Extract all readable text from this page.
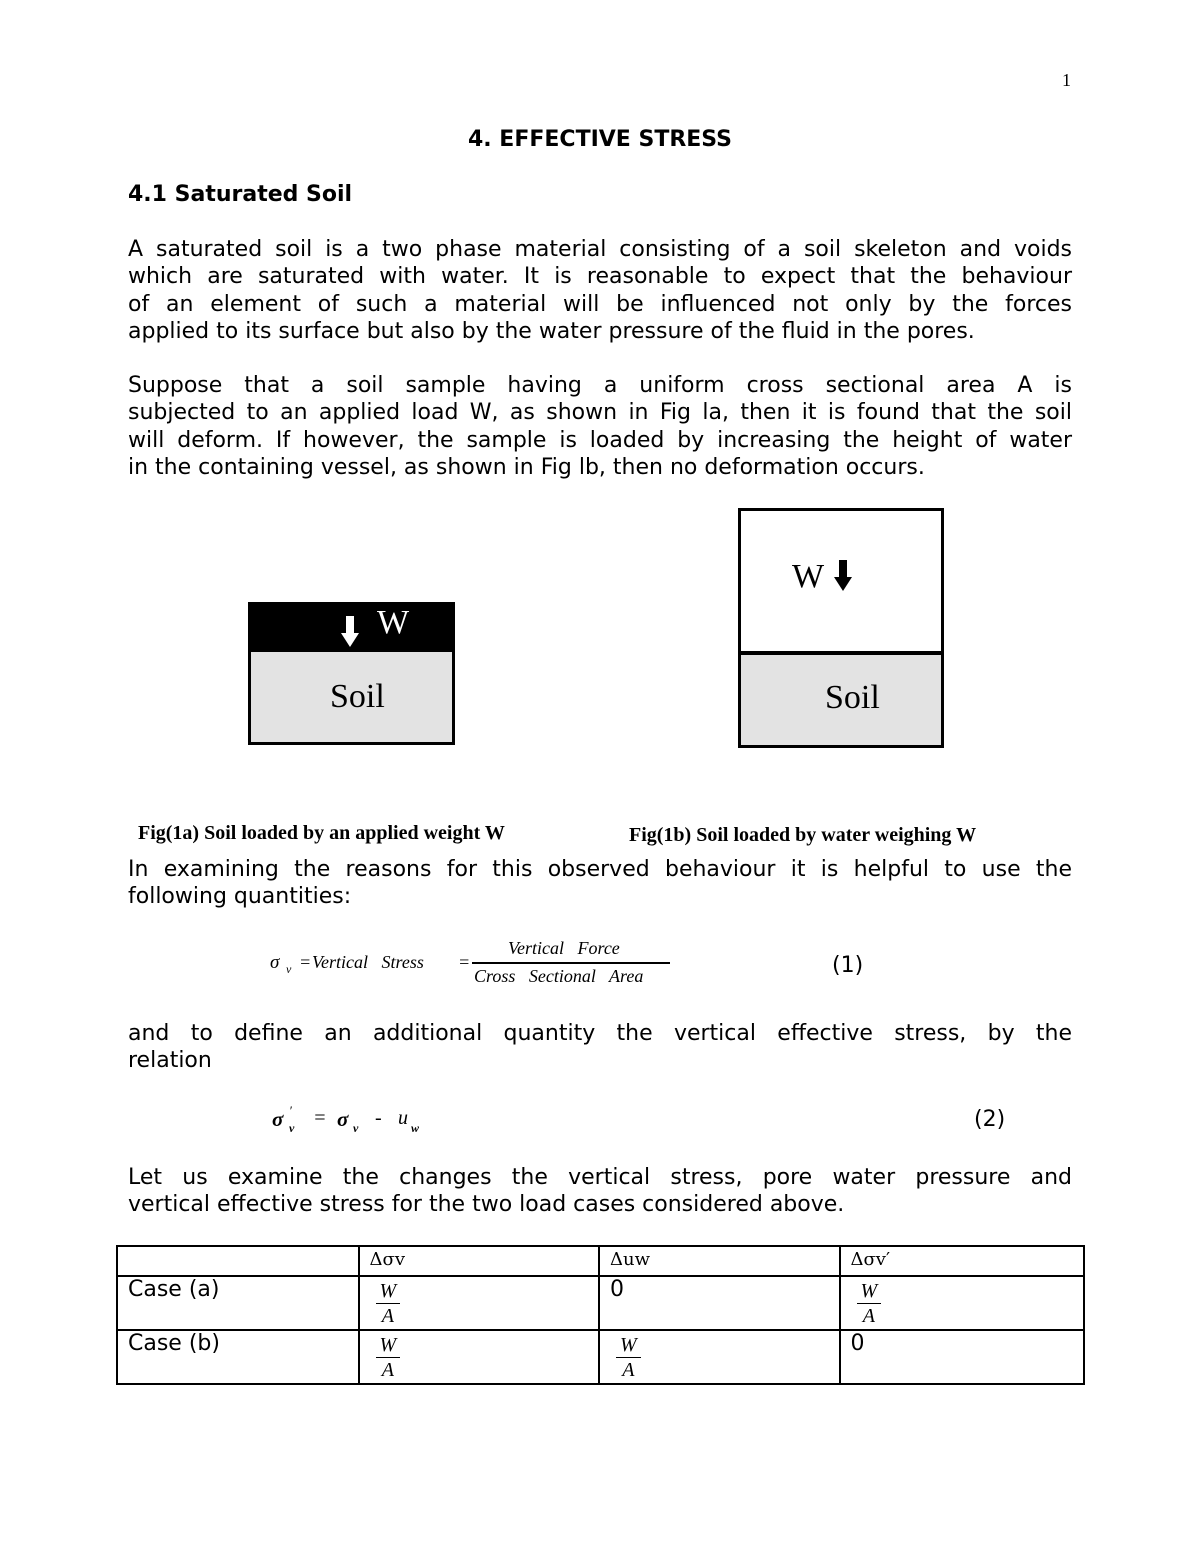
1
4. EFFECTIVE STRESS
4.1 Saturated Soil
A saturated soil is a two phase material consisting of a soil skeleton and voids
which are saturated with water. It is reasonable to expect that the behaviour
of an element of such a material will be influenced not only by the forces
applied to its surface but also by the water pressure of the fluid in the pores.
Suppose that a soil sample having a uniform cross sectional area A is
subjected to an applied load W, as shown in Fig la, then it is found that the soil
will deform. If however, the sample is loaded by increasing the height of water
in the containing vessel, as shown in Fig lb, then no deformation occurs.
W
Soil
W
Soil
Fig(1a) Soil loaded by an applied weight W	Fig(1b) Soil loaded by water weighing W
In examining the reasons for this observed behaviour it is helpful to use the
following quantities:
σ v = Vertical   Stress =
Vertical   Force
Cross   Sectional   Area	(1)
and to define an additional quantity the vertical effective stress, by the
relation
σ ′
v = σ v - u w	(2)
Let us examine the changes the vertical stress, pore water pressure and
vertical effective stress for the two load cases considered above.
	Δσv	Δuw	Δσv′
Case (a)	$\frac{W}{A}$	0	$\frac{W}{A}$

Case (b)	$\frac{W}{A}$	$\frac{W}{A}$	0
